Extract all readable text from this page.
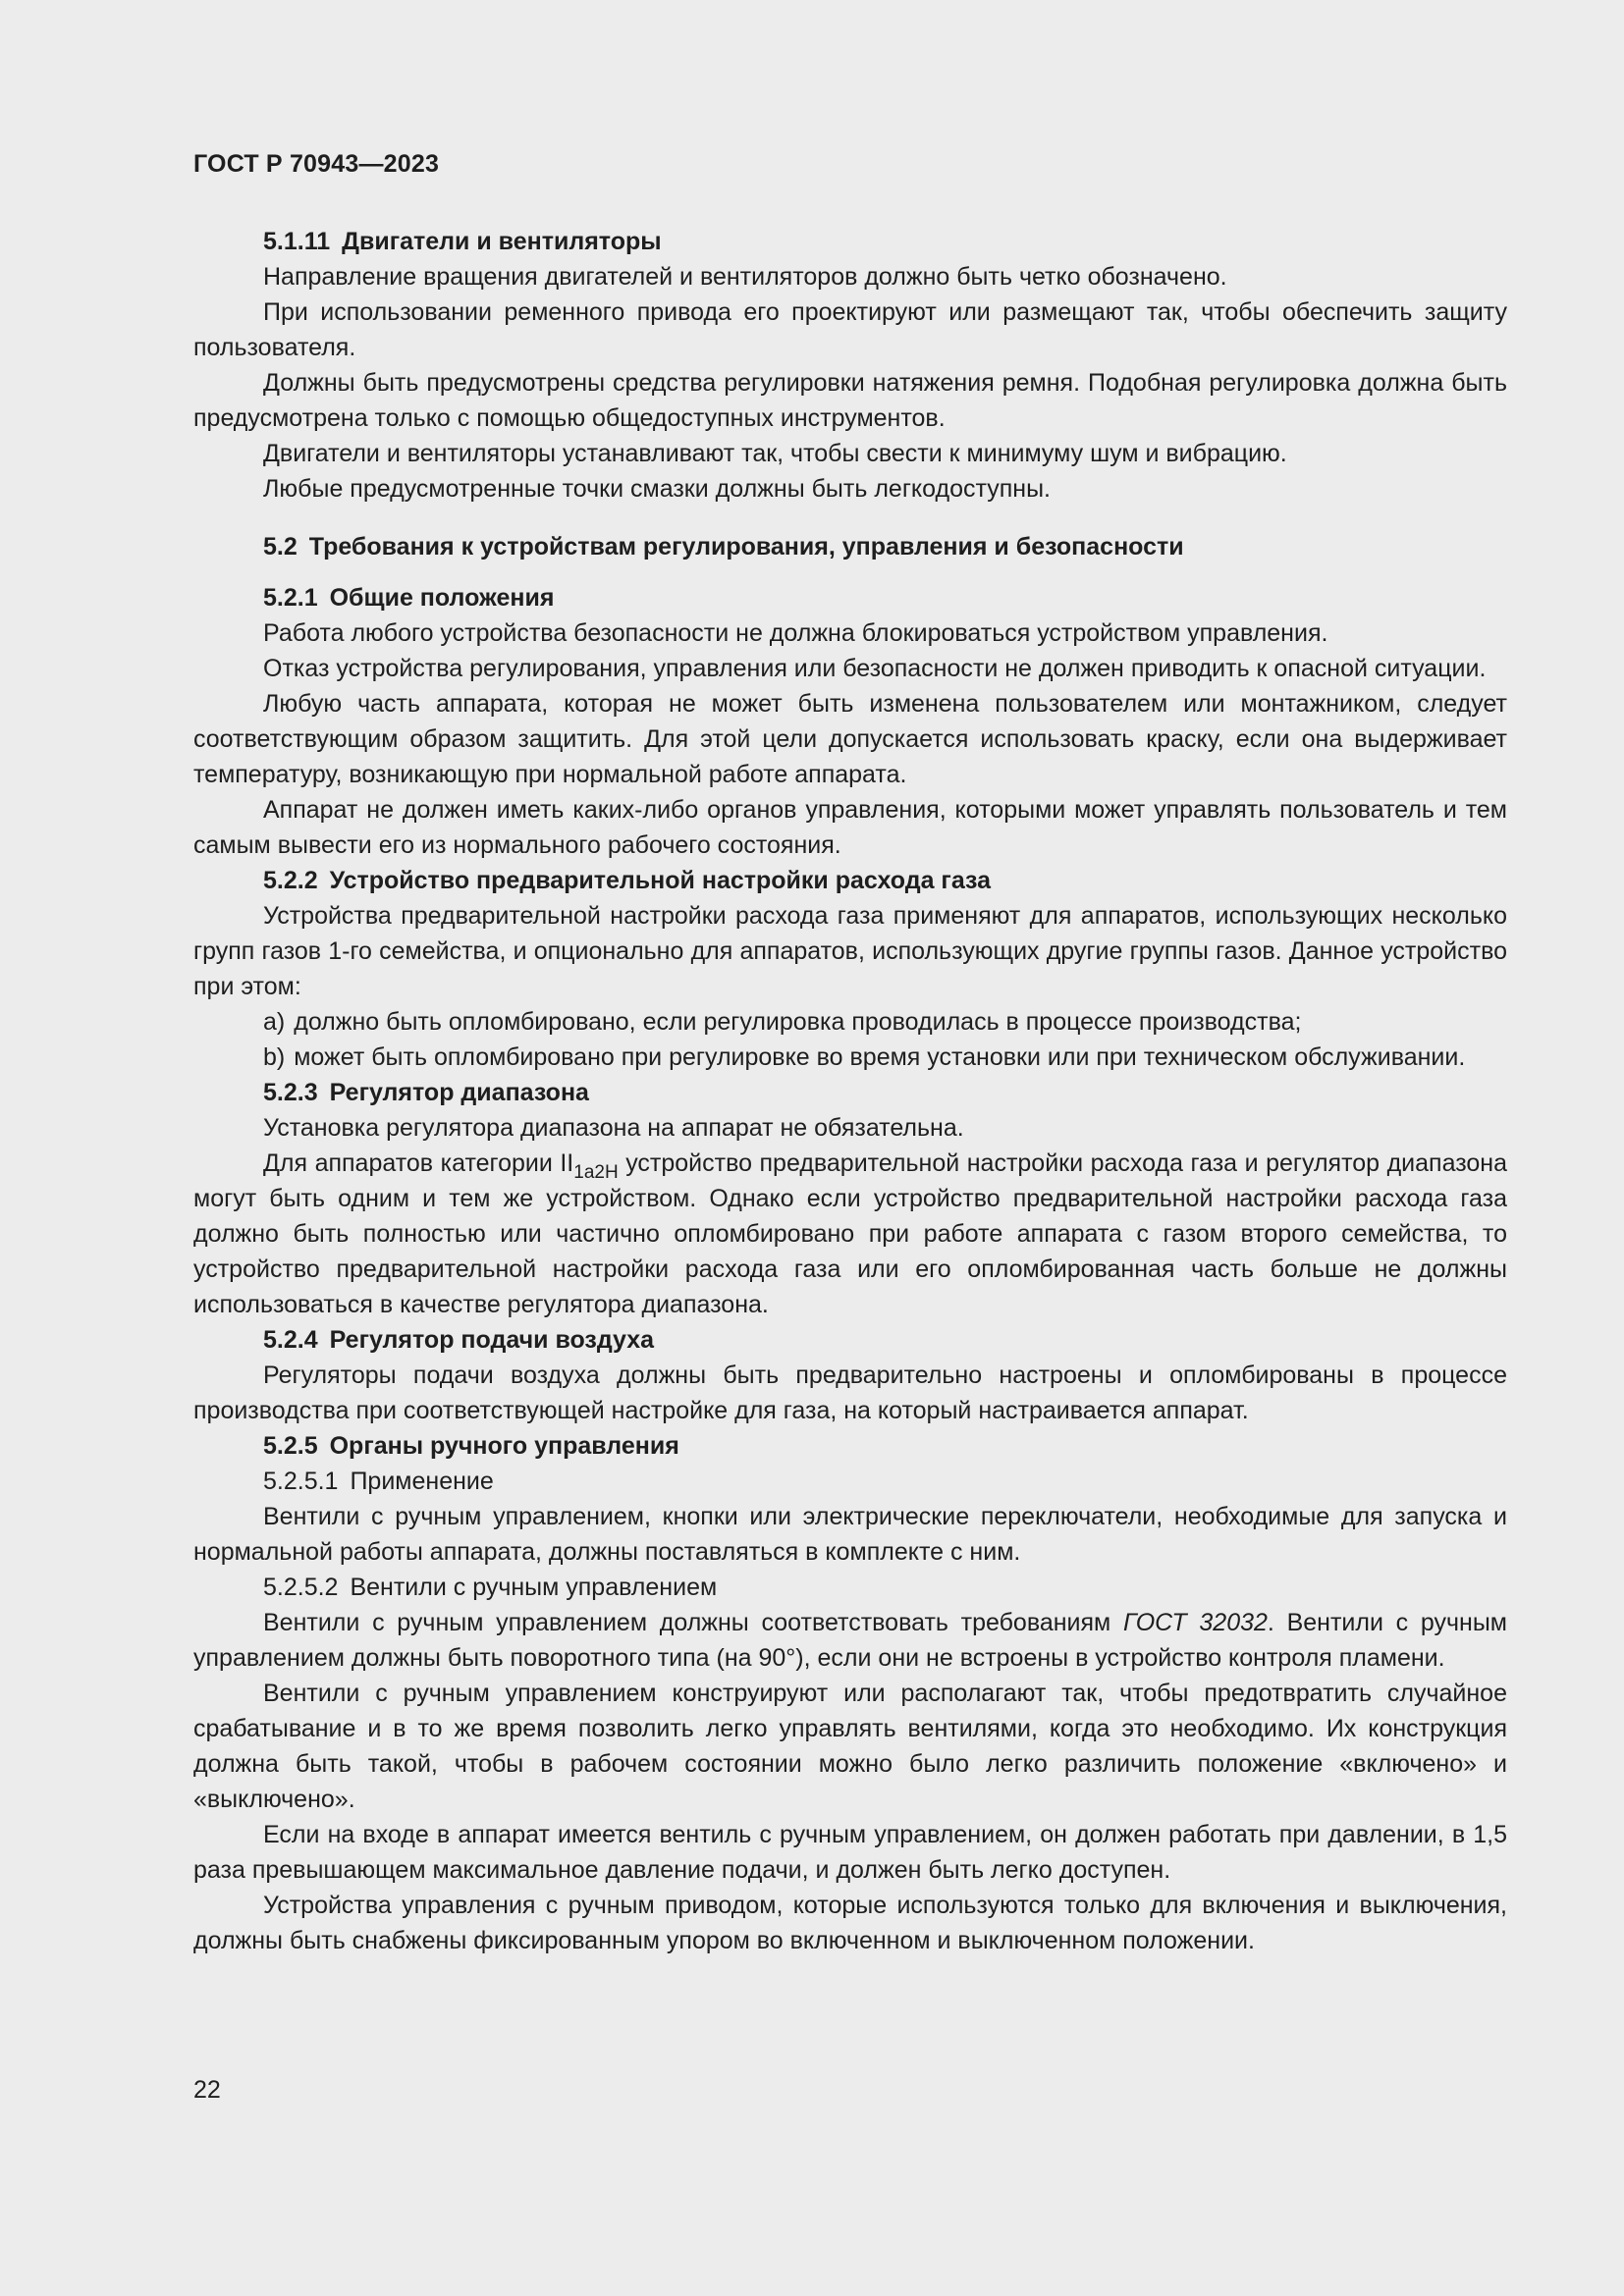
ГОСТ Р 70943—2023

5.1.11 Двигатели и вентиляторы

Направление вращения двигателей и вентиляторов должно быть четко обозначено.

При использовании ременного привода его проектируют или размещают так, чтобы обеспечить защиту пользователя.

Должны быть предусмотрены средства регулировки натяжения ремня. Подобная регулировка должна быть предусмотрена только с помощью общедоступных инструментов.

Двигатели и вентиляторы устанавливают так, чтобы свести к минимуму шум и вибрацию.

Любые предусмотренные точки смазки должны быть легкодоступны.

5.2 Требования к устройствам регулирования, управления и безопасности

5.2.1 Общие положения

Работа любого устройства безопасности не должна блокироваться устройством управления.

Отказ устройства регулирования, управления или безопасности не должен приводить к опасной ситуации.

Любую часть аппарата, которая не может быть изменена пользователем или монтажником, следует соответствующим образом защитить. Для этой цели допускается использовать краску, если она выдерживает температуру, возникающую при нормальной работе аппарата.

Аппарат не должен иметь каких-либо органов управления, которыми может управлять пользователь и тем самым вывести его из нормального рабочего состояния.

5.2.2 Устройство предварительной настройки расхода газа

Устройства предварительной настройки расхода газа применяют для аппаратов, использующих несколько групп газов 1-го семейства, и опционально для аппаратов, использующих другие группы газов. Данное устройство при этом:

a) должно быть опломбировано, если регулировка проводилась в процессе производства;

b) может быть опломбировано при регулировке во время установки или при техническом обслуживании.

5.2.3 Регулятор диапазона

Установка регулятора диапазона на аппарат не обязательна.

Для аппаратов категории $II_{1a2H}$ устройство предварительной настройки расхода газа и регулятор диапазона могут быть одним и тем же устройством. Однако если устройство предварительной настройки расхода газа должно быть полностью или частично опломбировано при работе аппарата с газом второго семейства, то устройство предварительной настройки расхода газа или его опломбированная часть больше не должны использоваться в качестве регулятора диапазона.

5.2.4 Регулятор подачи воздуха

Регуляторы подачи воздуха должны быть предварительно настроены и опломбированы в процессе производства при соответствующей настройке для газа, на который настраивается аппарат.

5.2.5 Органы ручного управления

5.2.5.1 Применение

Вентили с ручным управлением, кнопки или электрические переключатели, необходимые для запуска и нормальной работы аппарата, должны поставляться в комплекте с ним.

5.2.5.2 Вентили с ручным управлением

Вентили с ручным управлением должны соответствовать требованиям ГОСТ 32032. Вентили с ручным управлением должны быть поворотного типа (на 90°), если они не встроены в устройство контроля пламени.

Вентили с ручным управлением конструируют или располагают так, чтобы предотвратить случайное срабатывание и в то же время позволить легко управлять вентилями, когда это необходимо. Их конструкция должна быть такой, чтобы в рабочем состоянии можно было легко различить положение «включено» и «выключено».

Если на входе в аппарат имеется вентиль с ручным управлением, он должен работать при давлении, в 1,5 раза превышающем максимальное давление подачи, и должен быть легко доступен.

Устройства управления с ручным приводом, которые используются только для включения и выключения, должны быть снабжены фиксированным упором во включенном и выключенном положении.

22
